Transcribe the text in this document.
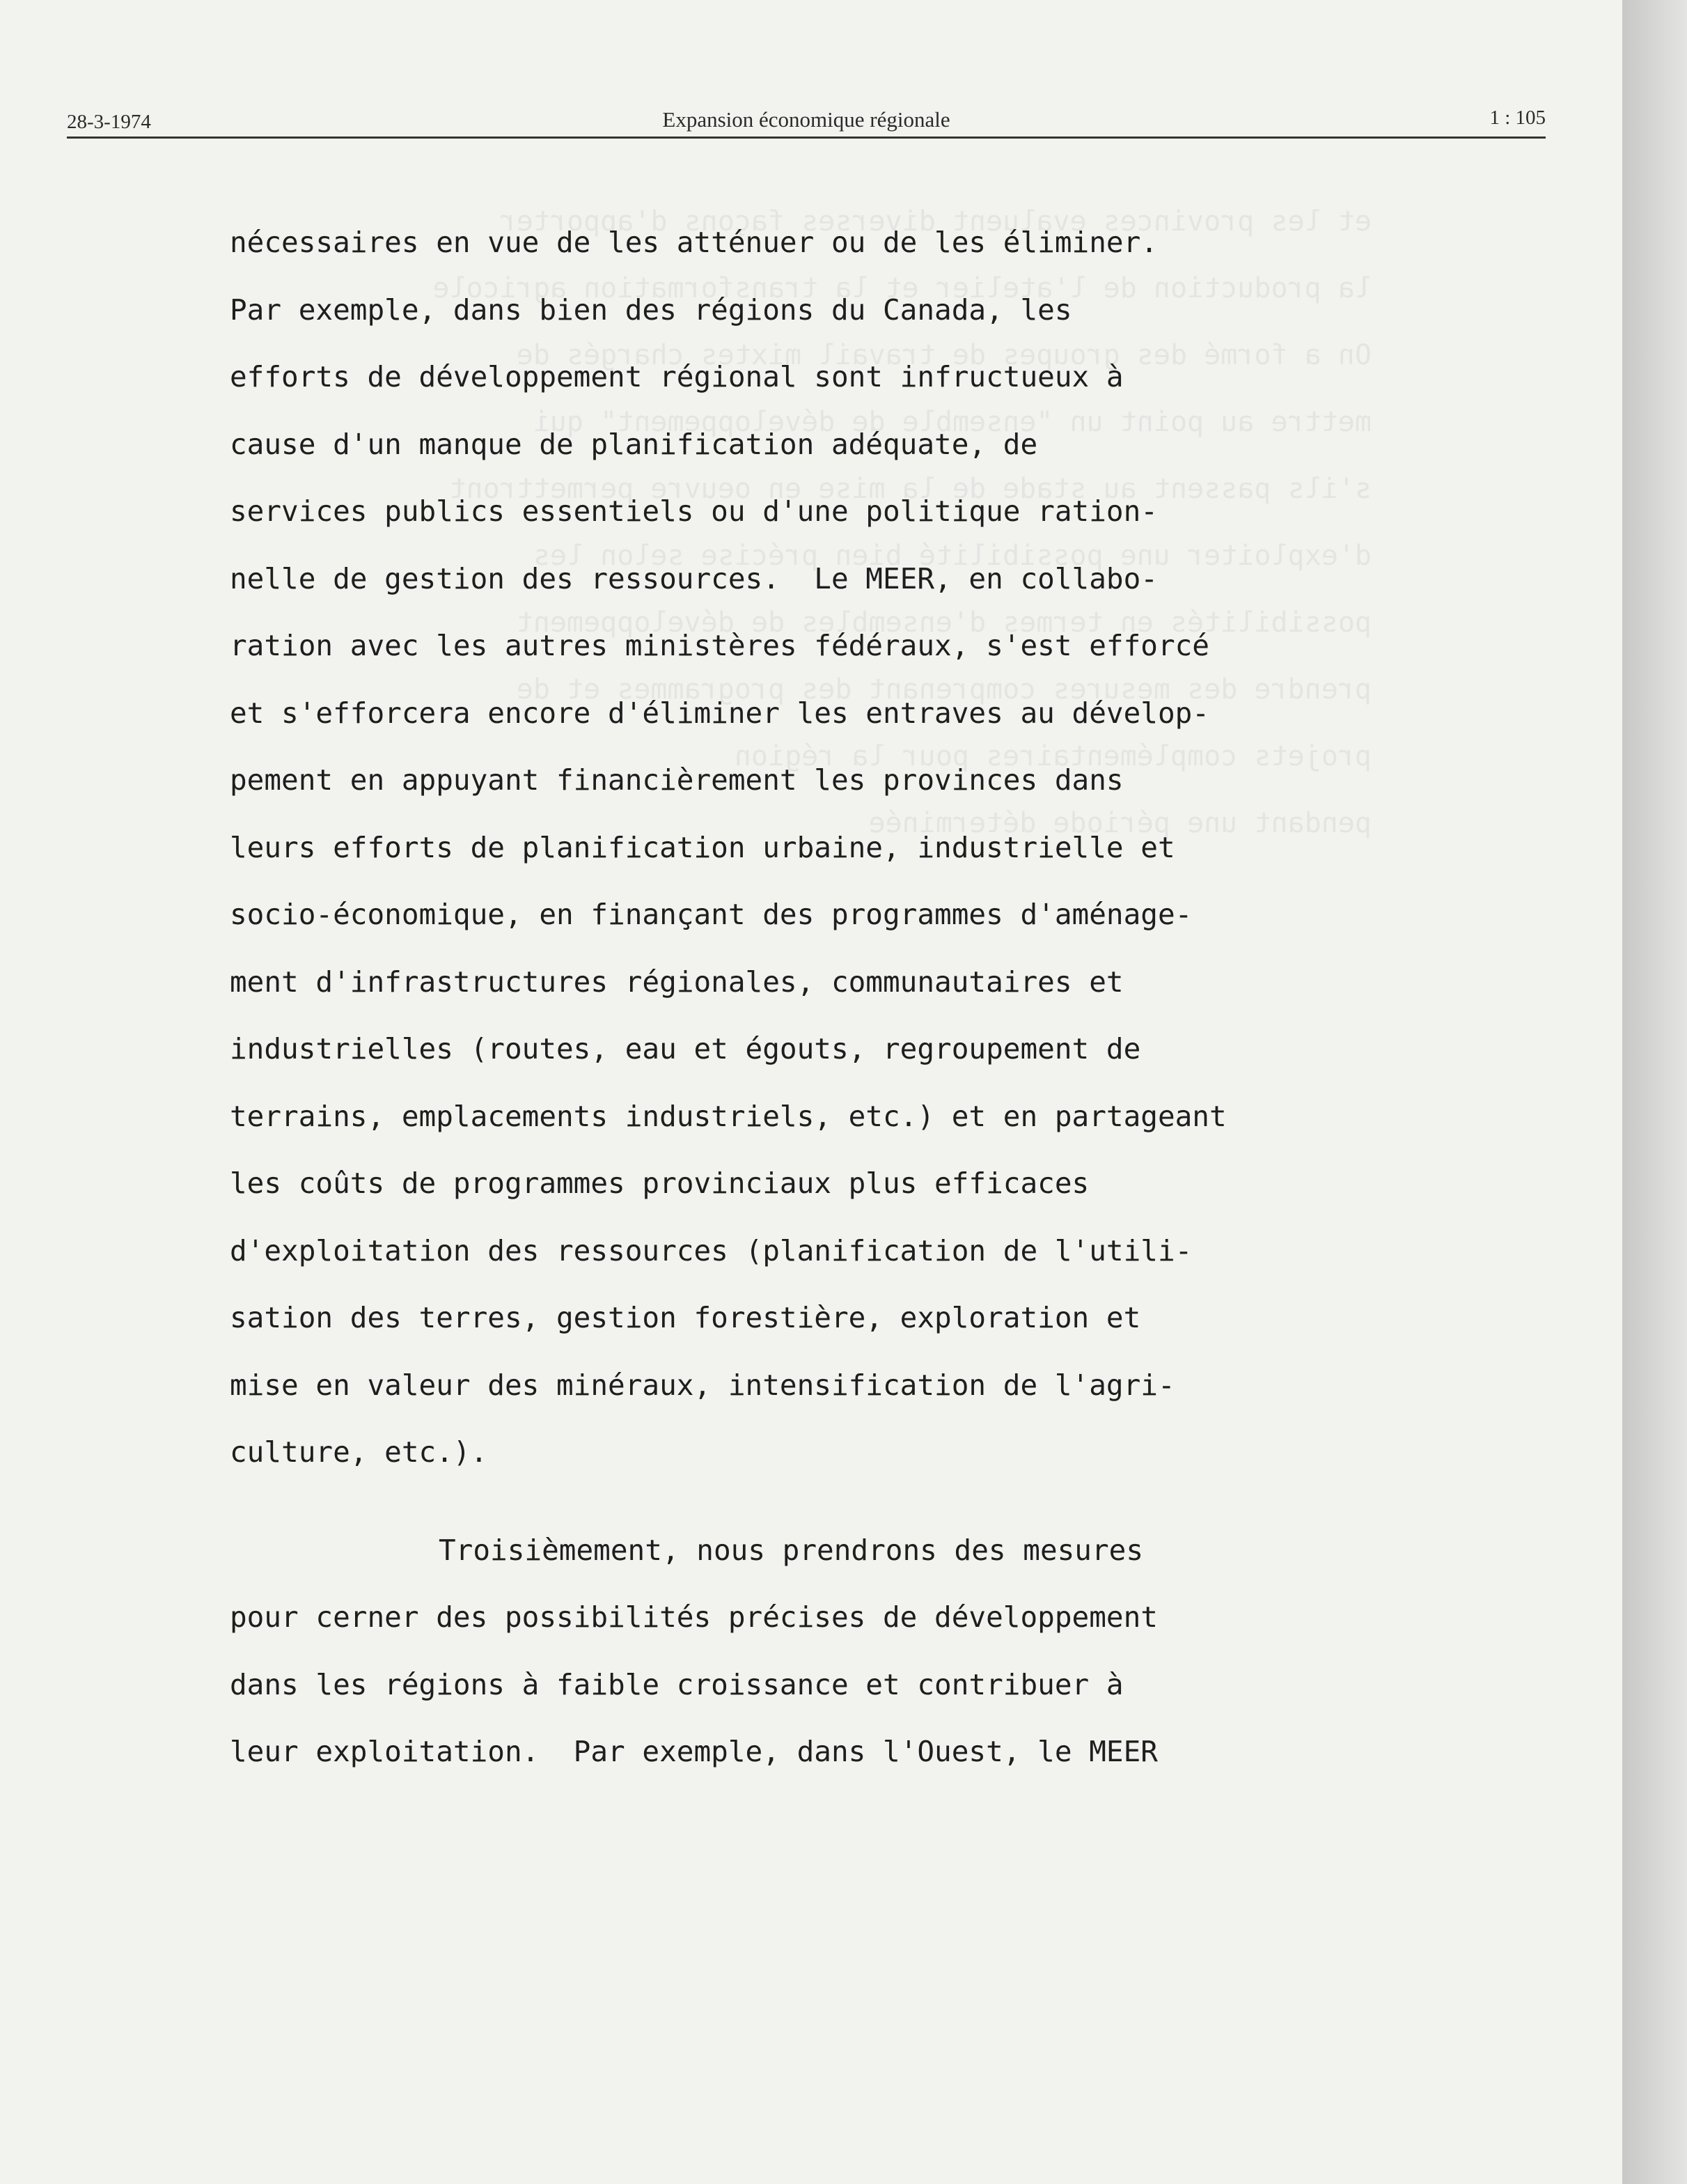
et les provinces evaluent diverses façons d'apporter
la production de l'atelier et la transformation agricole
On a formé des groupes de travail mixtes chargés de
mettre au point un "ensemble de développement" qui
s'ils passent au stade de la mise en oeuvre permettront
d'exploiter une possibilité bien précise selon les
possibilités en termes d'ensembles de développement
prendre des mesures comprenant des programmes et de
projets complémentaires pour la région
pendant une période déterminée
28-3-1974	Expansion économique régionale	1 : 105
nécessaires en vue de les atténuer ou de les éliminer.
Par exemple, dans bien des régions du Canada, les
efforts de développement régional sont infructueux à
cause d'un manque de planification adéquate, de
services publics essentiels ou d'une politique ration-
nelle de gestion des ressources.  Le MEER, en collabo-
ration avec les autres ministères fédéraux, s'est efforcé
et s'efforcera encore d'éliminer les entraves au dévelop-
pement en appuyant financièrement les provinces dans
leurs efforts de planification urbaine, industrielle et
socio-économique, en finançant des programmes d'aménage-
ment d'infrastructures régionales, communautaires et
industrielles (routes, eau et égouts, regroupement de
terrains, emplacements industriels, etc.) et en partageant
les coûts de programmes provinciaux plus efficaces
d'exploitation des ressources (planification de l'utili-
sation des terres, gestion forestière, exploration et
mise en valeur des minéraux, intensification de l'agri-
culture, etc.).
Troisièmement, nous prendrons des mesures
pour cerner des possibilités précises de développement
dans les régions à faible croissance et contribuer à
leur exploitation.  Par exemple, dans l'Ouest, le MEER
